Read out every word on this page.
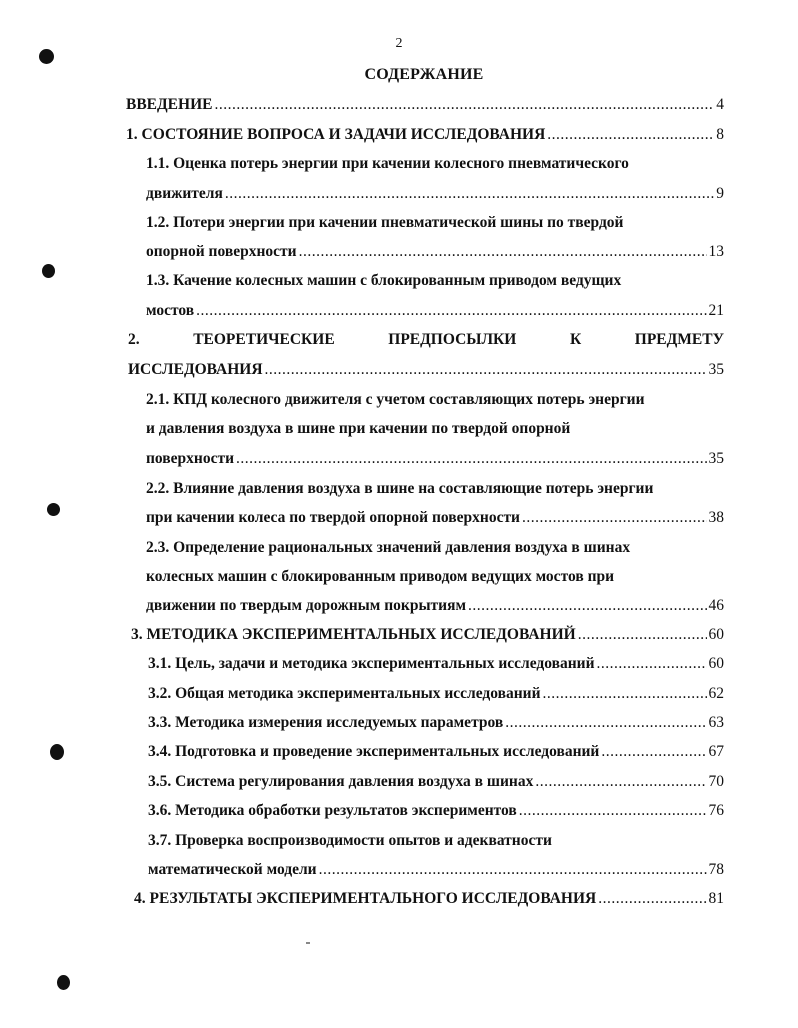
2
СОДЕРЖАНИЕ
ВВЕДЕНИЕ .....	4
1. СОСТОЯНИЕ ВОПРОСА И ЗАДАЧИ ИССЛЕДОВАНИЯ .....	8
1.1. Оценка потерь энергии при качении колесного пневматического
движителя .....	9
1.2. Потери энергии при качении пневматической шины по твердой
опорной поверхности .....	13
1.3. Качение колесных машин с блокированным приводом ведущих
мостов .....	21
2.	ТЕОРЕТИЧЕСКИЕ	ПРЕДПОСЫЛКИ	К	ПРЕДМЕТУ
ИССЛЕДОВАНИЯ .....	35
2.1. КПД колесного движителя с учетом составляющих потерь энергии
и давления воздуха в шине при качении по твердой опорной
поверхности .....	35
2.2. Влияние давления воздуха в шине на составляющие потерь энергии
при качении колеса по твердой опорной поверхности .....	38
2.3. Определение рациональных значений давления воздуха в шинах
колесных машин с блокированным приводом ведущих мостов при
движении по твердым дорожным покрытиям .....	46
3. МЕТОДИКА ЭКСПЕРИМЕНТАЛЬНЫХ ИССЛЕДОВАНИЙ .....	60
3.1. Цель, задачи и методика экспериментальных исследований .....	60
3.2. Общая методика экспериментальных исследований .....	62
3.3. Методика измерения исследуемых параметров .....	63
3.4. Подготовка и проведение экспериментальных исследований .....	67
3.5. Система регулирования давления воздуха в шинах .....	70
3.6. Методика обработки результатов экспериментов .....	76
3.7. Проверка воспроизводимости опытов и адекватности
математической модели .....	78
4. РЕЗУЛЬТАТЫ ЭКСПЕРИМЕНТАЛЬНОГО ИССЛЕДОВАНИЯ .....	81
